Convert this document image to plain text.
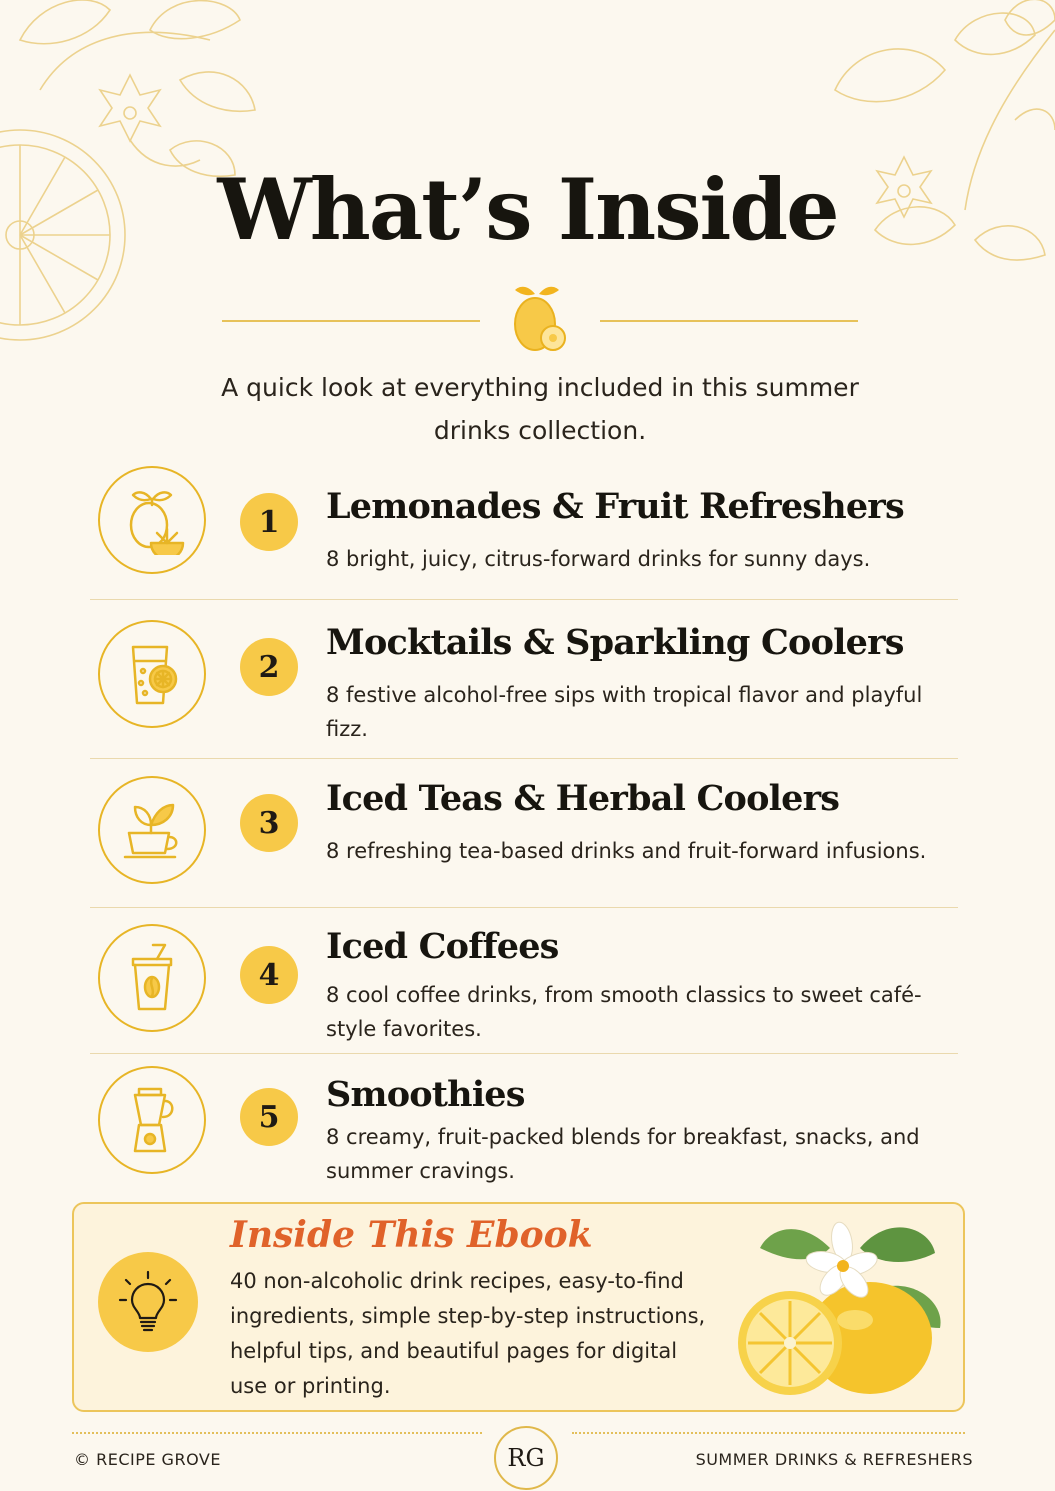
What’s Inside
A quick look at everything included in this summer drinks collection.
1	Lemonades & Fruit Refreshers
8 bright, juicy, citrus-forward drinks for sunny days.
2
Mocktails & Sparkling Coolers
8 festive alcohol-free sips with tropical flavor and playful fizz.
3
Iced Teas & Herbal Coolers
8 refreshing tea-based drinks and fruit-forward infusions.
4
Iced Coffees
8 cool coffee drinks, from smooth classics to sweet café-style favorites.
5
Smoothies
8 creamy, fruit-packed blends for breakfast, snacks, and summer cravings.
Inside This Ebook
40 non-alcoholic drink recipes, easy-to-find ingredients, simple step-by-step instructions, helpful tips, and beautiful pages for digital use or printing.
© RECIPE GROVE	RG	SUMMER DRINKS & REFRESHERS
